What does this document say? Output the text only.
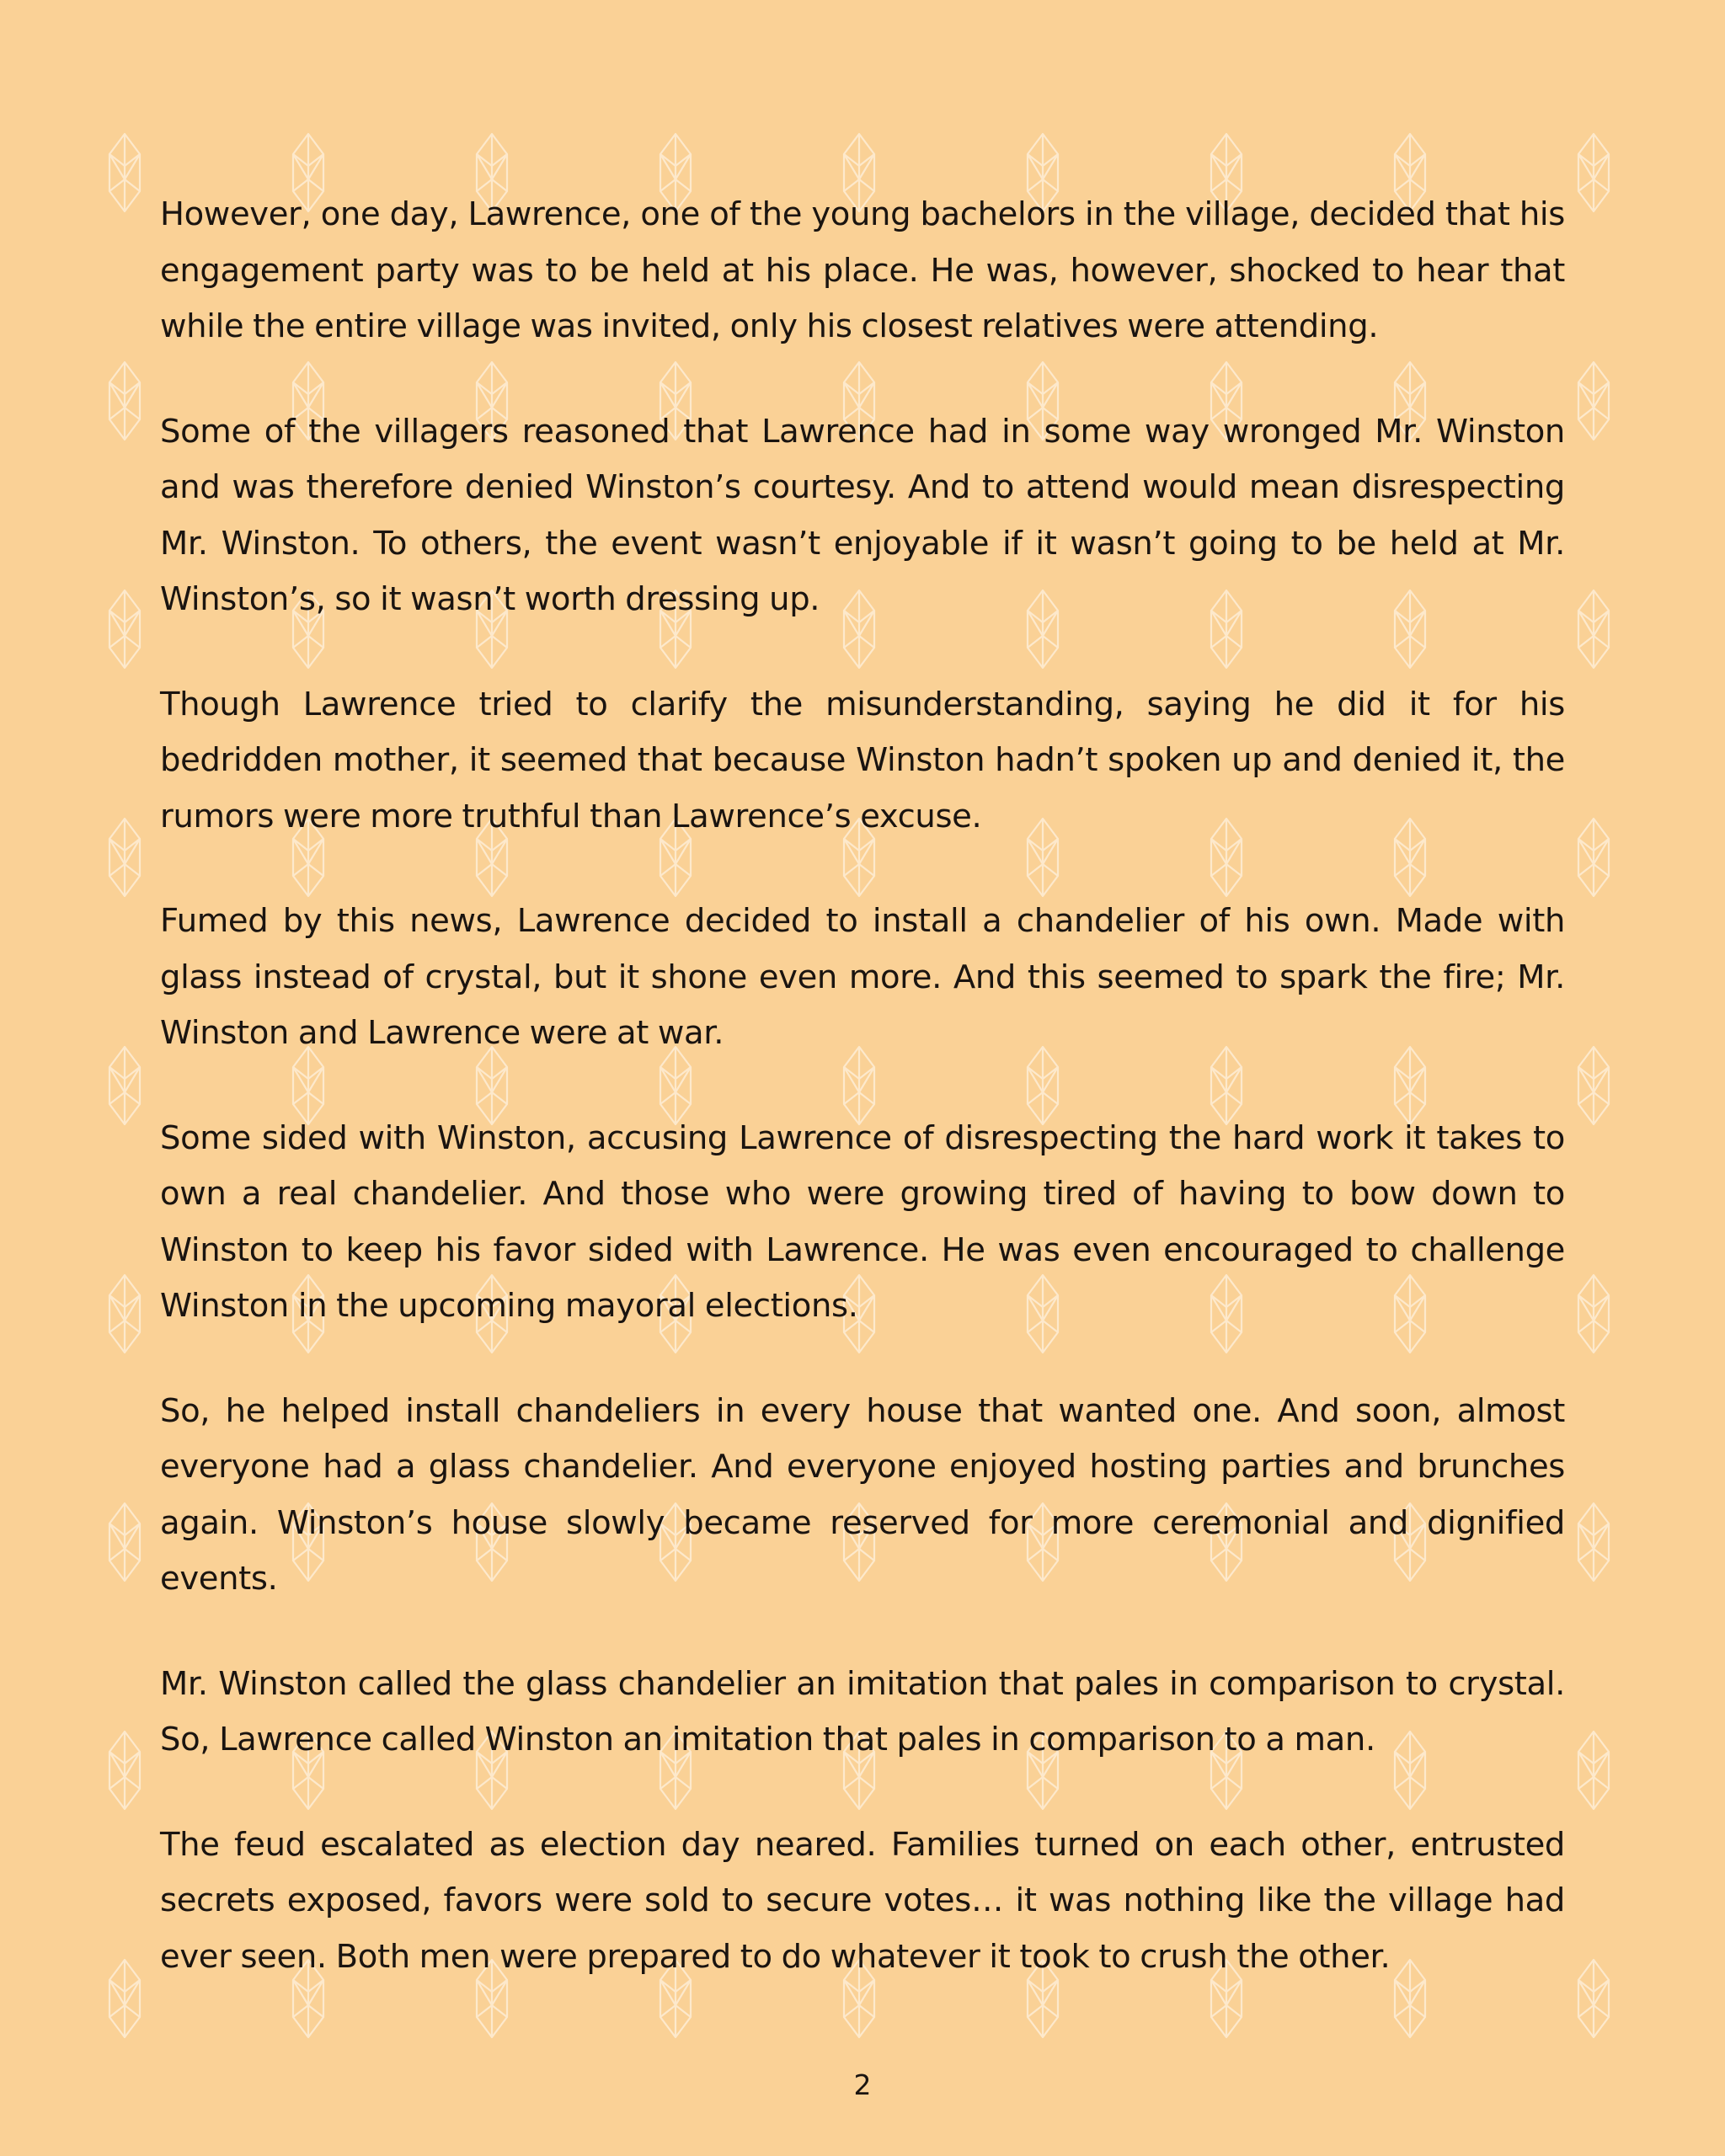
However, one day, Lawrence, one of the young bachelors in the village, decided that his engagement party was to be held at his place. He was, however, shocked to hear that while the entire village was invited, only his closest relatives were attending.

Some of the villagers reasoned that Lawrence had in some way wronged Mr. Winston and was therefore denied Winston’s courtesy. And to attend would mean disrespecting Mr. Winston. To others, the event wasn’t enjoyable if it wasn’t going to be held at Mr. Winston’s, so it wasn’t worth dressing up.

Though Lawrence tried to clarify the misunderstanding, saying he did it for his bedridden mother, it seemed that because Winston hadn’t spoken up and denied it, the rumors were more truthful than Lawrence’s excuse.

Fumed by this news, Lawrence decided to install a chandelier of his own. Made with glass instead of crystal, but it shone even more. And this seemed to spark the fire; Mr. Winston and Lawrence were at war.

Some sided with Winston, accusing Lawrence of disrespecting the hard work it takes to own a real chandelier. And those who were growing tired of having to bow down to Winston to keep his favor sided with Lawrence. He was even encouraged to challenge Winston in the upcoming mayoral elections.

So, he helped install chandeliers in every house that wanted one. And soon, almost everyone had a glass chandelier. And everyone enjoyed hosting parties and brunches again. Winston’s house slowly became reserved for more ceremonial and dignified events.

Mr. Winston called the glass chandelier an imitation that pales in comparison to crystal. So, Lawrence called Winston an imitation that pales in comparison to a man.

The feud escalated as election day neared. Families turned on each other, entrusted secrets exposed, favors were sold to secure votes… it was nothing like the village had ever seen. Both men were prepared to do whatever it took to crush the other.

2
